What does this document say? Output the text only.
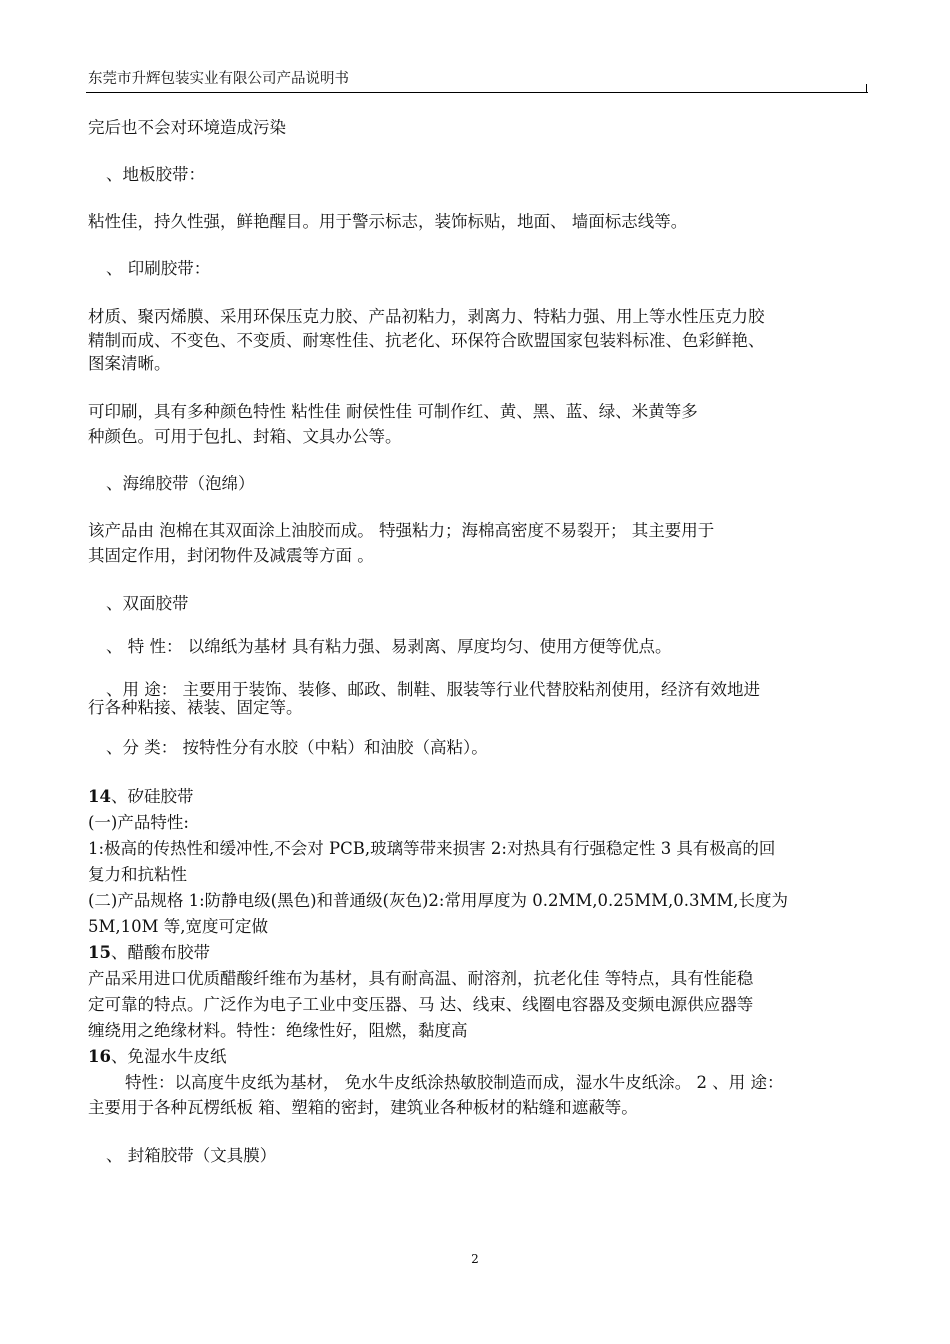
东莞市升辉包装实业有限公司产品说明书
完后也不会对环境造成污染
、地板胶带：
粘性佳，持久性强，鲜艳醒目。用于警示标志，装饰标贴，地面、 墙面标志线等。
、 印刷胶带：
材质、聚丙烯膜、采用环保压克力胶、产品初粘力，剥离力、特粘力强、用上等水性压克力胶
精制而成、不变色、不变质、耐寒性佳、抗老化、环保符合欧盟国家包装料标准、色彩鲜艳、
图案清晰。
可印刷，具有多种颜色特性 粘性佳 耐侯性佳 可制作红、黄、黑、蓝、绿、米黄等多
种颜色。可用于包扎、封箱、文具办公等。
、海绵胶带（泡绵）
该产品由 泡棉在其双面涂上油胶而成。 特强粘力；海棉高密度不易裂开； 其主要用于
其固定作用，封闭物件及减震等方面 。
、双面胶带
、 特 性： 以绵纸为基材 具有粘力强、易剥离、厚度均匀、使用方便等优点。
、用 途： 主要用于装饰、装修、邮政、制鞋、服装等行业代替胶粘剂使用，经济有效地进
行各种粘接、裱装、固定等。
、分 类： 按特性分有水胶（中粘）和油胶（高粘）。
14、矽硅胶带
(一)产品特性:
1:极高的传热性和缓冲性,不会对 PCB,玻璃等带来损害 2:对热具有行强稳定性 3 具有极高的回
复力和抗粘性
(二)产品规格 1:防静电级(黑色)和普通级(灰色)2:常用厚度为 0.2MM,0.25MM,0.3MM,长度为
5M,10M 等,宽度可定做
15、醋酸布胶带
产品采用进口优质醋酸纤维布为基材，具有耐高温、耐溶剂，抗老化佳 等特点，具有性能稳
定可靠的特点。广泛作为电子工业中变压器、马 达、线束、线圈电容器及变频电源供应器等
缠绕用之绝缘材料。特性：绝缘性好，阻燃，黏度高
16、免湿水牛皮纸
特性：以高度牛皮纸为基材， 免水牛皮纸涂热敏胶制造而成，湿水牛皮纸涂。 2 、用 途：
主要用于各种瓦楞纸板 箱、塑箱的密封，建筑业各种板材的粘缝和遮蔽等。
、 封箱胶带（文具膜）
2
